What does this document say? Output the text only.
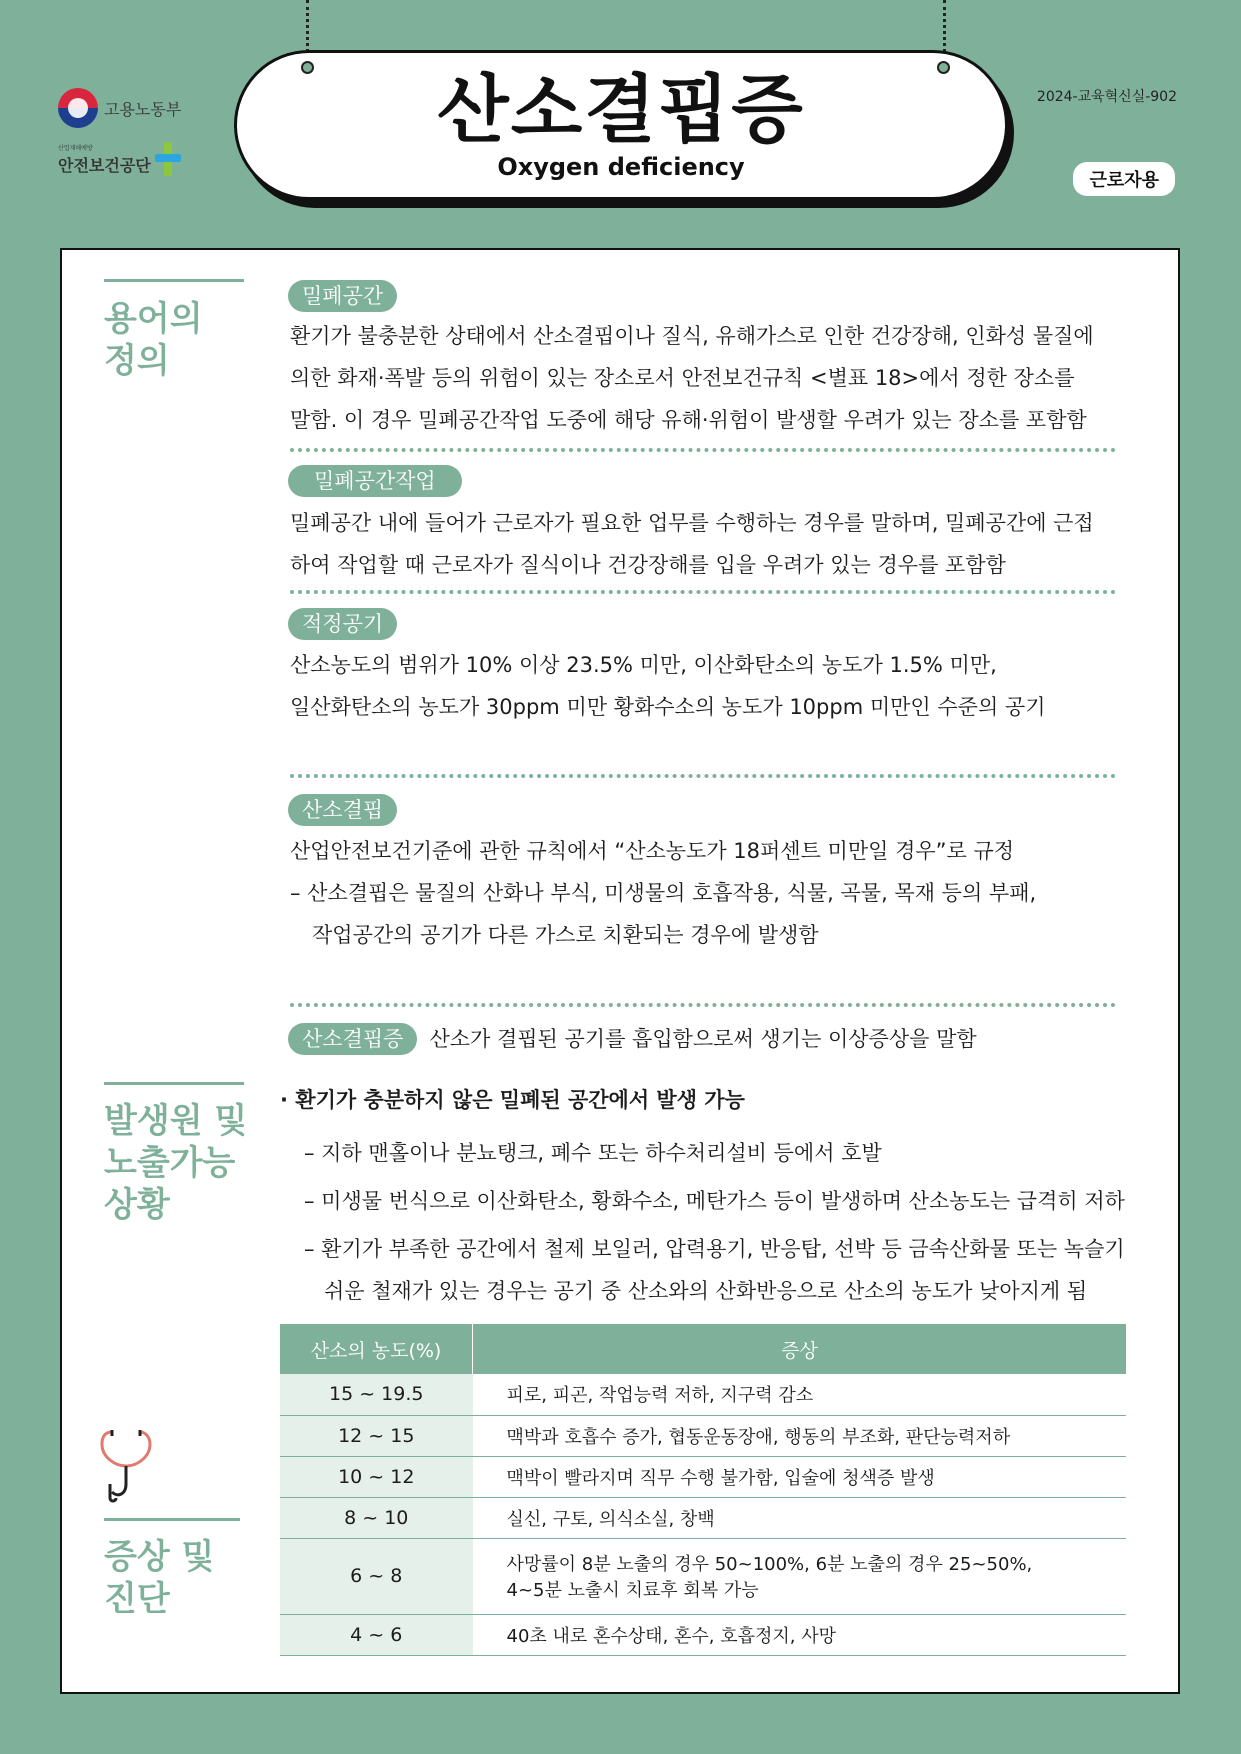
고용노동부
산업재해예방
안전보건공단
산소결핍증
Oxygen deficiency
2024-교육혁신실-902
근로자용
용어의
정의
밀폐공간
환기가 불충분한 상태에서 산소결핍이나 질식, 유해가스로 인한 건강장해, 인화성 물질에
의한 화재·폭발 등의 위험이 있는 장소로서 안전보건규칙 <별표 18>에서 정한 장소를
말함. 이 경우 밀폐공간작업 도중에 해당 유해·위험이 발생할 우려가 있는 장소를 포함함
밀폐공간작업
밀폐공간 내에 들어가 근로자가 필요한 업무를 수행하는 경우를 말하며, 밀폐공간에 근접
하여 작업할 때 근로자가 질식이나 건강장해를 입을 우려가 있는 경우를 포함함
적정공기
산소농도의 범위가 10% 이상 23.5% 미만, 이산화탄소의 농도가 1.5% 미만,
일산화탄소의 농도가 30ppm 미만 황화수소의 농도가 10ppm 미만인 수준의 공기
산소결핍
산업안전보건기준에 관한 규칙에서 “산소농도가 18퍼센트 미만일 경우”로 규정
– 산소결핍은 물질의 산화나 부식, 미생물의 호흡작용, 식물, 곡물, 목재 등의 부패,
작업공간의 공기가 다른 가스로 치환되는 경우에 발생함
산소결핍증	산소가 결핍된 공기를 흡입함으로써 생기는 이상증상을 말함
발생원 및
노출가능
상황
· 환기가 충분하지 않은 밀폐된 공간에서 발생 가능
– 지하 맨홀이나 분뇨탱크, 폐수 또는 하수처리설비 등에서 호발
– 미생물 번식으로 이산화탄소, 황화수소, 메탄가스 등이 발생하며 산소농도는 급격히 저하
– 환기가 부족한 공간에서 철제 보일러, 압력용기, 반응탑, 선박 등 금속산화물 또는 녹슬기
쉬운 철재가 있는 경우는 공기 중 산소와의 산화반응으로 산소의 농도가 낮아지게 됨
증상 및
진단
산소의 농도(%)	증상
15 ~ 19.5	피로, 피곤, 작업능력 저하, 지구력 감소
12 ~ 15	맥박과 호흡수 증가, 협동운동장애, 행동의 부조화, 판단능력저하
10 ~ 12	맥박이 빨라지며 직무 수행 불가함, 입술에 청색증 발생
8 ~ 10	실신, 구토, 의식소실, 창백
6 ~ 8	사망률이 8분 노출의 경우 50~100%, 6분 노출의 경우 25~50%,
4~5분 노출시 치료후 회복 가능

4 ~ 6	40초 내로 혼수상태, 혼수, 호흡정지, 사망
